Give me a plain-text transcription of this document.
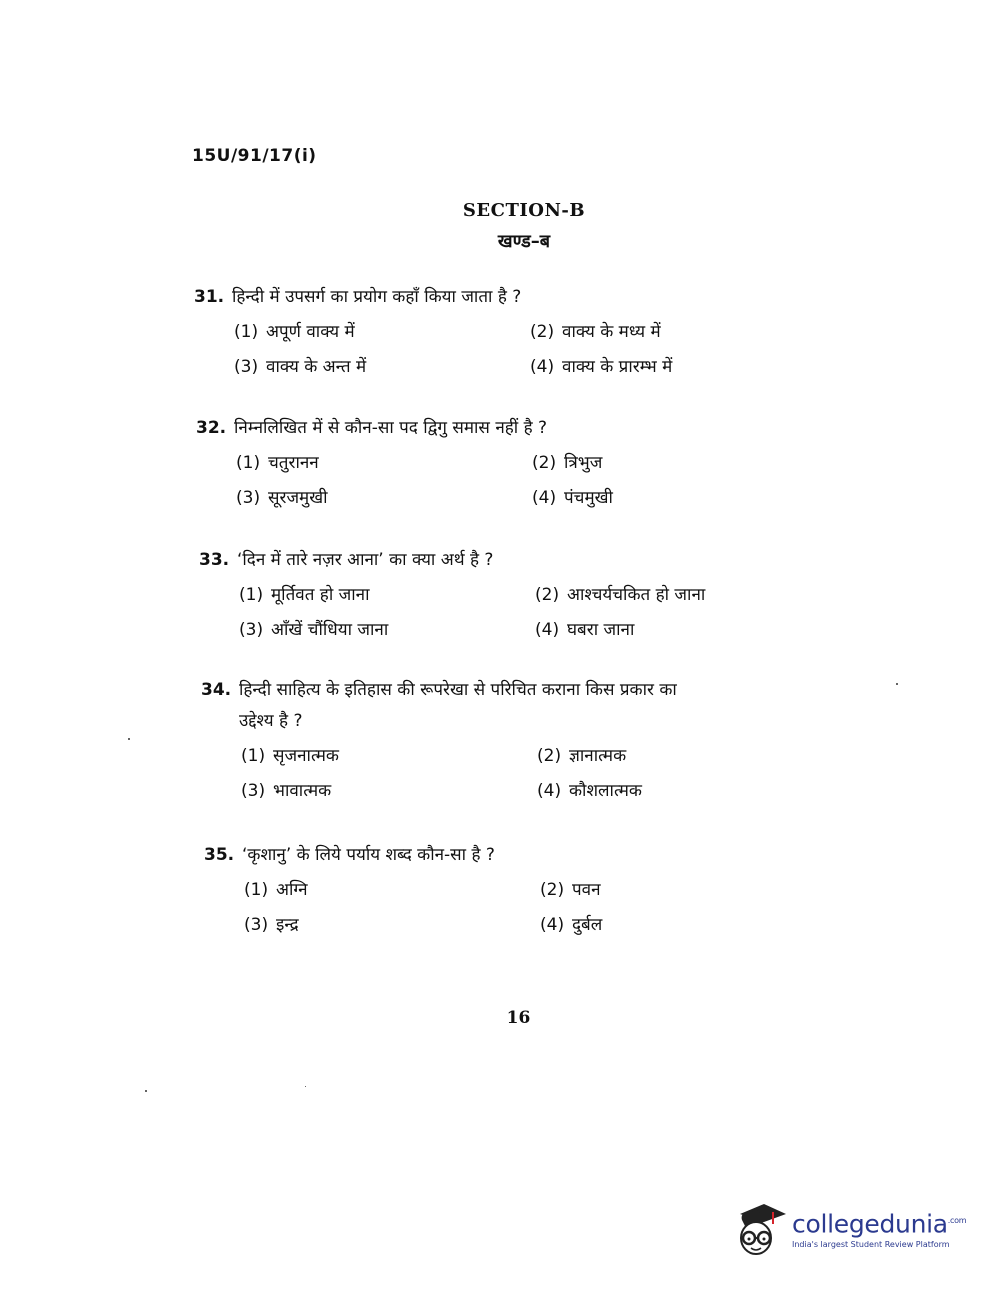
15U/91/17(i)
SECTION-B
खण्ड–ब
31. हिन्दी में उपसर्ग का प्रयोग कहाँ किया जाता है ?
(1) अपूर्ण वाक्य में	(2) वाक्य के मध्य में
(3) वाक्य के अन्त में	(4) वाक्य के प्रारम्भ में
32. निम्नलिखित में से कौन-सा पद द्विगु समास नहीं है ?
(1) चतुरानन	(2) त्रिभुज
(3) सूरजमुखी	(4) पंचमुखी
33. ‘दिन में तारे नज़र आना’ का क्या अर्थ है ?
(1) मूर्तिवत हो जाना	(2) आश्चर्यचकित हो जाना
(3) आँखें चौंधिया जाना	(4) घबरा जाना
34. हिन्दी साहित्य के इतिहास की रूपरेखा से परिचित कराना किस प्रकार का
उद्देश्य है ?
(1) सृजनात्मक	(2) ज्ञानात्मक
(3) भावात्मक	(4) कौशलात्मक
35. ‘कृशानु’ के लिये पर्याय शब्द कौन-सा है ?
(1) अग्नि	(2) पवन
(3) इन्द्र	(4) दुर्बल
16
collegedunia$^{.com}$
India's largest Student Review Platform
